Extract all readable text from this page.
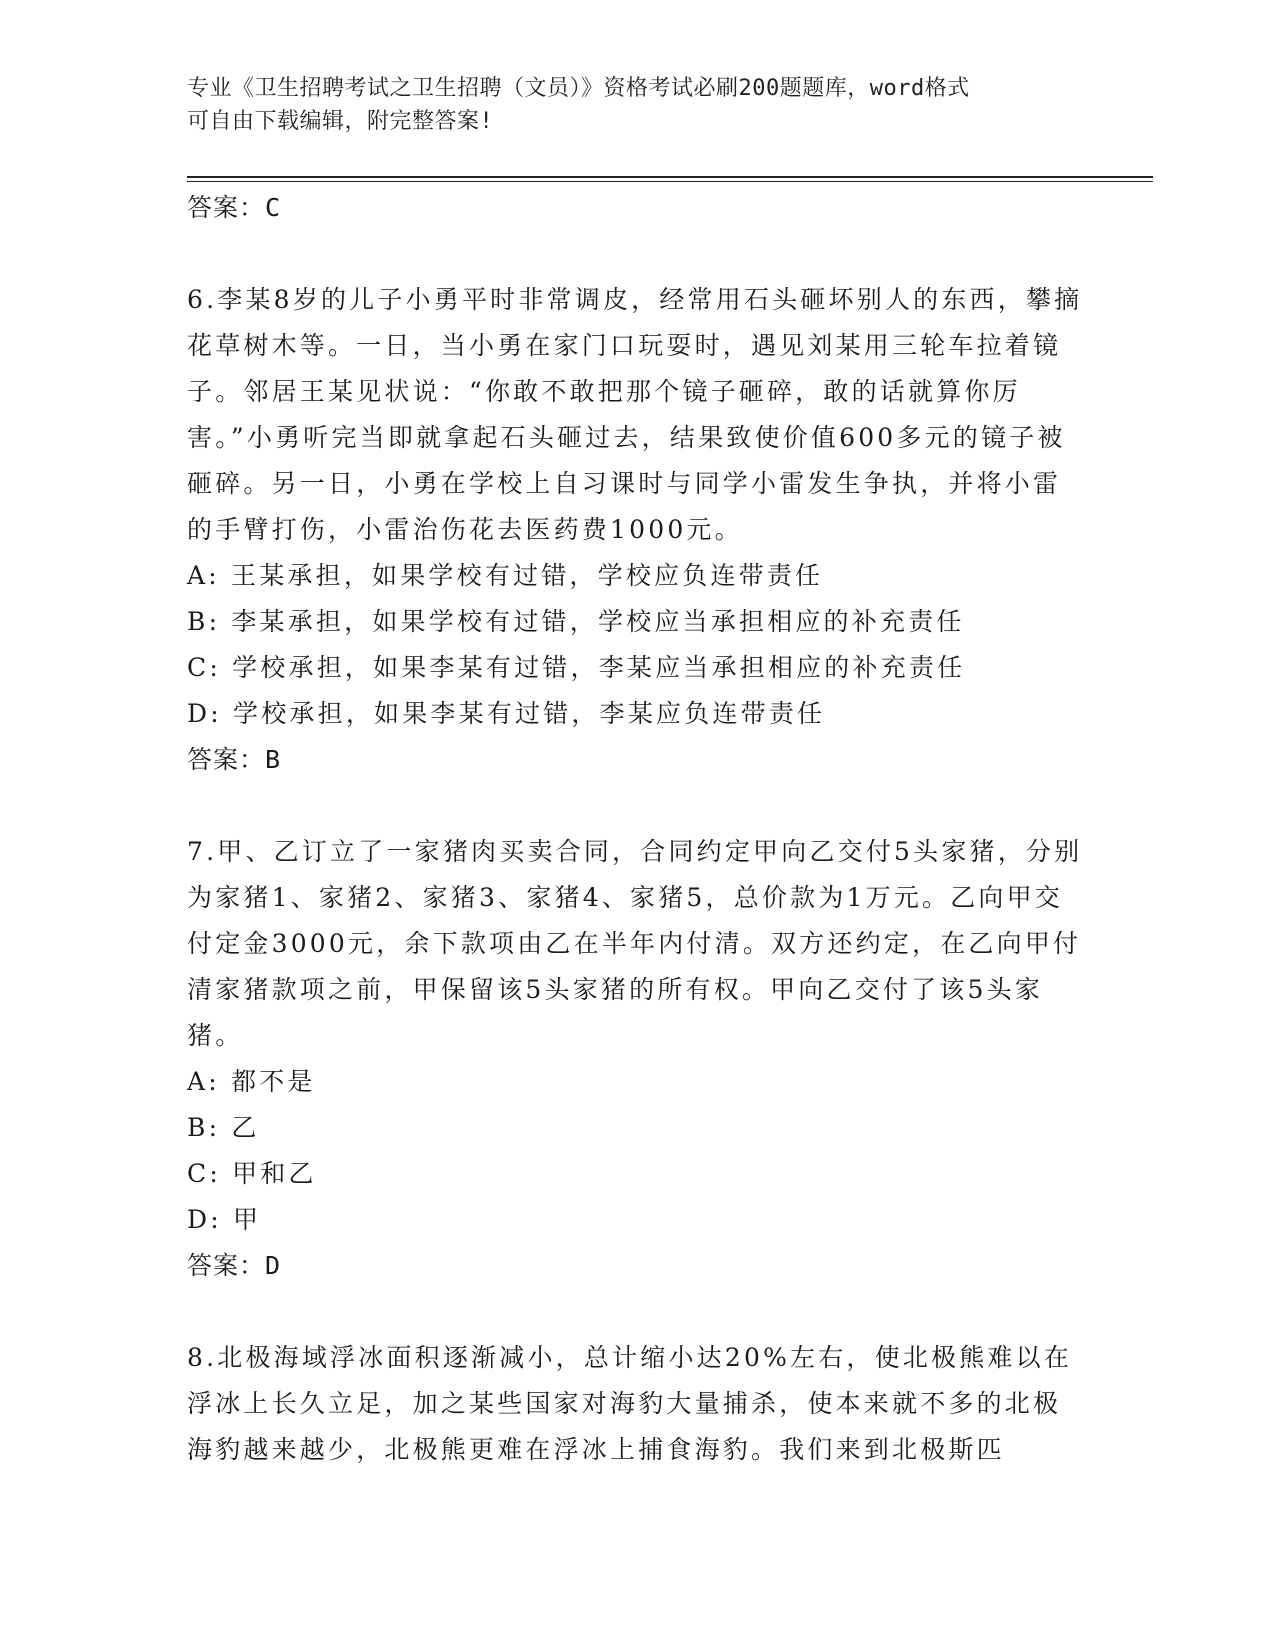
专业《卫生招聘考试之卫生招聘（文员）》资格考试必刷200题题库，word格式
可自由下载编辑，附完整答案!

答案：C

6.李某8岁的儿子小勇平时非常调皮，经常用石头砸坏别人的东西，攀摘花草树木等。一日，当小勇在家门口玩耍时，遇见刘某用三轮车拉着镜子。邻居王某见状说：“你敢不敢把那个镜子砸碎，敢的话就算你厉害。”小勇听完当即就拿起石头砸过去，结果致使价值600多元的镜子被砸碎。另一日，小勇在学校上自习课时与同学小雷发生争执，并将小雷的手臂打伤，小雷治伤花去医药费1000元。

A: 王某承担，如果学校有过错，学校应负连带责任

B: 李某承担，如果学校有过错，学校应当承担相应的补充责任

C: 学校承担，如果李某有过错，李某应当承担相应的补充责任

D: 学校承担，如果李某有过错，李某应负连带责任

答案：B

7.甲、乙订立了一家猪肉买卖合同，合同约定甲向乙交付5头家猪，分别为家猪1、家猪2、家猪3、家猪4、家猪5，总价款为1万元。乙向甲交付定金3000元，余下款项由乙在半年内付清。双方还约定，在乙向甲付清家猪款项之前，甲保留该5头家猪的所有权。甲向乙交付了该5头家猪。

A: 都不是

B: 乙

C: 甲和乙

D: 甲

答案：D

8.北极海域浮冰面积逐渐减小，总计缩小达20%左右，使北极熊难以在浮冰上长久立足，加之某些国家对海豹大量捕杀，使本来就不多的北极海豹越来越少，北极熊更难在浮冰上捕食海豹。我们来到北极斯匹
